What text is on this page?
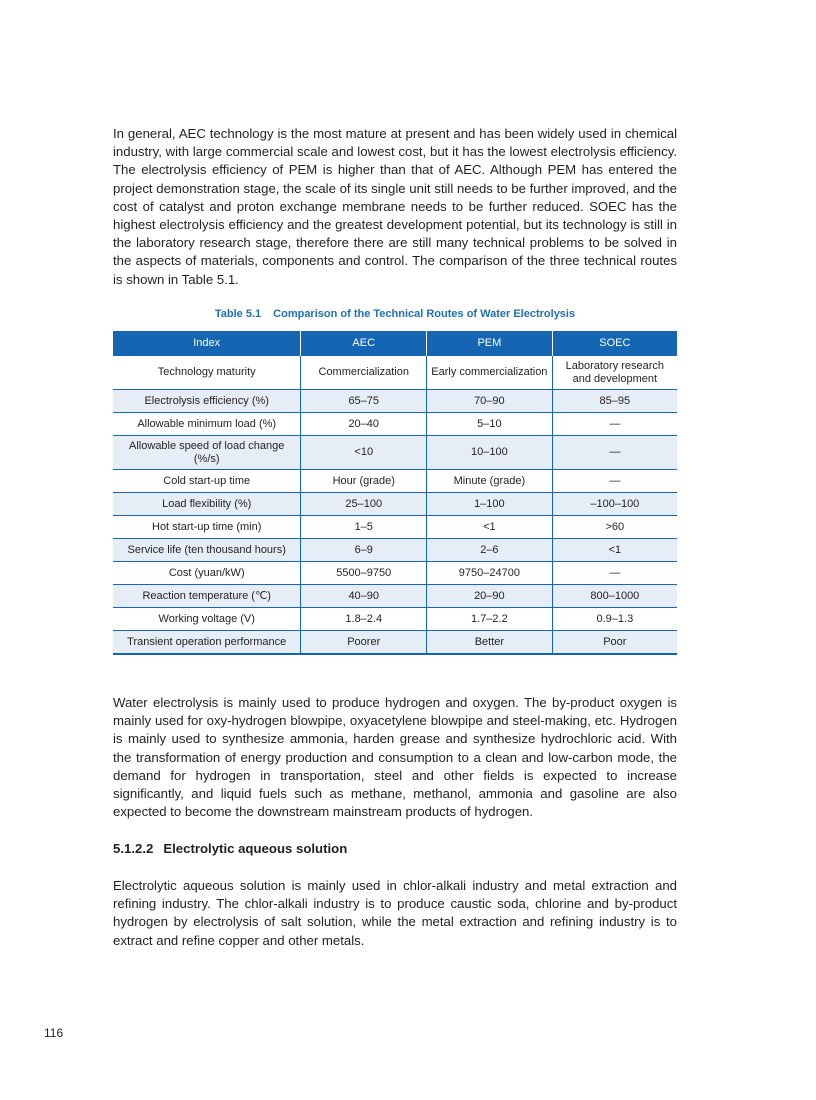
In general, AEC technology is the most mature at present and has been widely used in chemical industry, with large commercial scale and lowest cost, but it has the lowest electrolysis efficiency. The electrolysis efficiency of PEM is higher than that of AEC. Although PEM has entered the project demonstration stage, the scale of its single unit still needs to be further improved, and the cost of catalyst and proton exchange membrane needs to be further reduced. SOEC has the highest electrolysis efficiency and the greatest development potential, but its technology is still in the laboratory research stage, therefore there are still many technical problems to be solved in the aspects of materials, components and control. The comparison of the three technical routes is shown in Table 5.1.

Table 5.1 Comparison of the Technical Routes of Water Electrolysis
Index	AEC	PEM	SOEC
Technology maturity	Commercialization	Early commercialization	Laboratory research and development
Electrolysis efficiency (%)	65–75	70–90	85–95
Allowable minimum load (%)	20–40	5–10	—
Allowable speed of load change (%/s)	<10	10–100	—
Cold start-up time	Hour (grade)	Minute (grade)	—
Load flexibility (%)	25–100	1–100	–100–100
Hot start-up time (min)	1–5	<1	>60
Service life (ten thousand hours)	6–9	2–6	<1
Cost (yuan/kW)	5500–9750	9750–24700	—
Reaction temperature (℃)	40–90	20–90	800–1000
Working voltage (V)	1.8–2.4	1.7–2.2	0.9–1.3
Transient operation performance	Poorer	Better	Poor

Water electrolysis is mainly used to produce hydrogen and oxygen. The by-product oxygen is mainly used for oxy-hydrogen blowpipe, oxyacetylene blowpipe and steel-making, etc. Hydrogen is mainly used to synthesize ammonia, harden grease and synthesize hydrochloric acid. With the transformation of energy production and consumption to a clean and low-carbon mode, the demand for hydrogen in transportation, steel and other fields is expected to increase significantly, and liquid fuels such as methane, methanol, ammonia and gasoline are also expected to become the downstream mainstream products of hydrogen.

5.1.2.2 Electrolytic aqueous solution

Electrolytic aqueous solution is mainly used in chlor-alkali industry and metal extraction and refining industry. The chlor-alkali industry is to produce caustic soda, chlorine and by-product hydrogen by electrolysis of salt solution, while the metal extraction and refining industry is to extract and refine copper and other metals.

116
